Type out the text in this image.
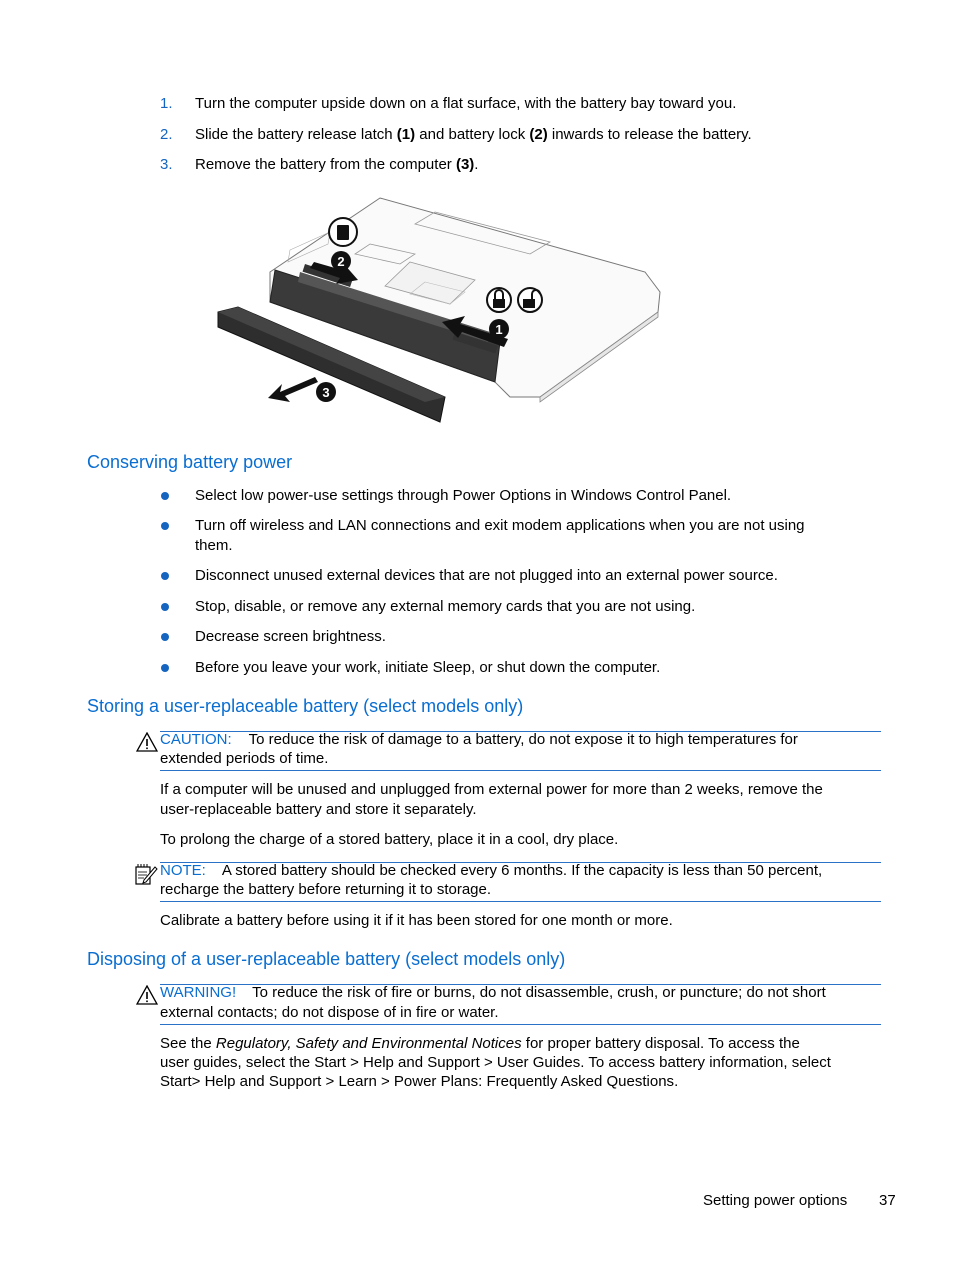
1. Turn the computer upside down on a flat surface, with the battery bay toward you.
2. Slide the battery release latch (1) and battery lock (2) inwards to release the battery.
3. Remove the battery from the computer (3).
1
2
3
Conserving battery power
Select low power-use settings through Power Options in Windows Control Panel.
Turn off wireless and LAN connections and exit modem applications when you are not using
them.
Disconnect unused external devices that are not plugged into an external power source.
Stop, disable, or remove any external memory cards that you are not using.
Decrease screen brightness.
Before you leave your work, initiate Sleep, or shut down the computer.
Storing a user-replaceable battery (select models only)
CAUTION: To reduce the risk of damage to a battery, do not expose it to high temperatures for
extended periods of time.
If a computer will be unused and unplugged from external power for more than 2 weeks, remove the
user-replaceable battery and store it separately.
To prolong the charge of a stored battery, place it in a cool, dry place.
NOTE: A stored battery should be checked every 6 months. If the capacity is less than 50 percent,
recharge the battery before returning it to storage.
Calibrate a battery before using it if it has been stored for one month or more.
Disposing of a user-replaceable battery (select models only)
WARNING! To reduce the risk of fire or burns, do not disassemble, crush, or puncture; do not short
external contacts; do not dispose of in fire or water.
See the Regulatory, Safety and Environmental Notices for proper battery disposal. To access the
user guides, select the Start > Help and Support > User Guides. To access battery information, select
Start> Help and Support > Learn > Power Plans: Frequently Asked Questions.
Setting power options 37
